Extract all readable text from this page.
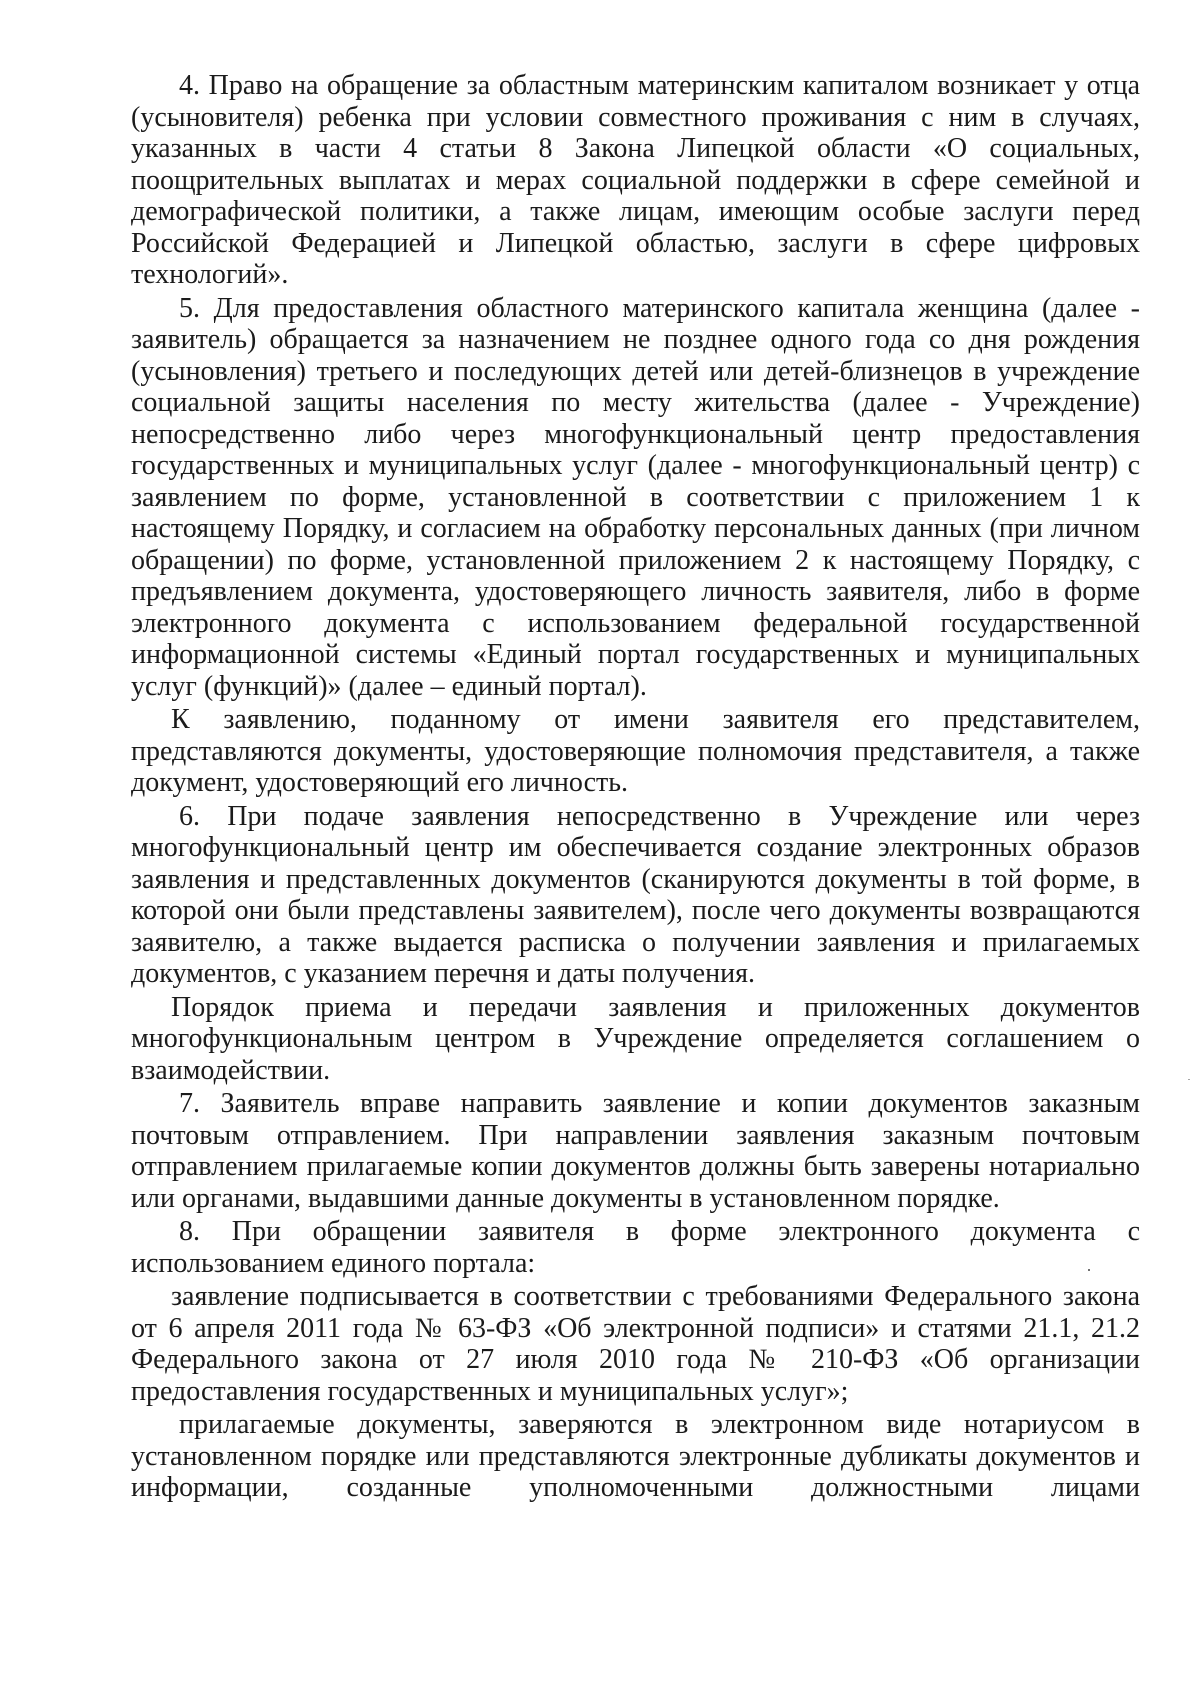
4. Право на обращение за областным материнским капиталом возникает у отца (усыновителя) ребенка при условии совместного проживания с ним в случаях, указанных в части 4 статьи 8 Закона Липецкой области «О социальных, поощрительных выплатах и мерах социальной поддержки в сфере семейной и демографической политики, а также лицам, имеющим особые заслуги перед Российской Федерацией и Липецкой областью, заслуги в сфере цифровых технологий».

5. Для предоставления областного материнского капитала женщина (далее - заявитель) обращается за назначением не позднее одного года со дня рождения (усыновления) третьего и последующих детей или детей-близнецов в учреждение социальной защиты населения по месту жительства (далее - Учреждение) непосредственно либо через многофункциональный центр предоставления государственных и муниципальных услуг (далее - многофункциональный центр) с заявлением по форме, установленной в соответствии с приложением 1 к настоящему Порядку, и согласием на обработку персональных данных (при личном обращении) по форме, установленной приложением 2 к настоящему Порядку, с предъявлением документа, удостоверяющего личность заявителя, либо в форме электронного документа с использованием федеральной государственной информационной системы «Единый портал государственных и муниципальных услуг (функций)» (далее – единый портал).

К заявлению, поданному от имени заявителя его представителем, представляются документы, удостоверяющие полномочия представителя, а также документ, удостоверяющий его личность.

6. При подаче заявления непосредственно в Учреждение или через многофункциональный центр им обеспечивается создание электронных образов заявления и представленных документов (сканируются документы в той форме, в которой они были представлены заявителем), после чего документы возвращаются заявителю, а также выдается расписка о получении заявления и прилагаемых документов, с указанием перечня и даты получения.

Порядок приема и передачи заявления и приложенных документов многофункциональным центром в Учреждение определяется соглашением о взаимодействии.

7. Заявитель вправе направить заявление и копии документов заказным почтовым отправлением. При направлении заявления заказным почтовым отправлением прилагаемые копии документов должны быть заверены нотариально или органами, выдавшими данные документы в установленном порядке.

8. При обращении заявителя в форме электронного документа с использованием единого портала:

заявление подписывается в соответствии с требованиями Федерального закона от 6 апреля 2011 года № 63-ФЗ «Об электронной подписи» и статями 21.1, 21.2 Федерального закона от 27 июля 2010 года № 210-ФЗ «Об организации предоставления государственных и муниципальных услуг»;

прилагаемые документы, заверяются в электронном виде нотариусом в установленном порядке или представляются электронные дубликаты документов и информации, созданные уполномоченными должностными лицами
